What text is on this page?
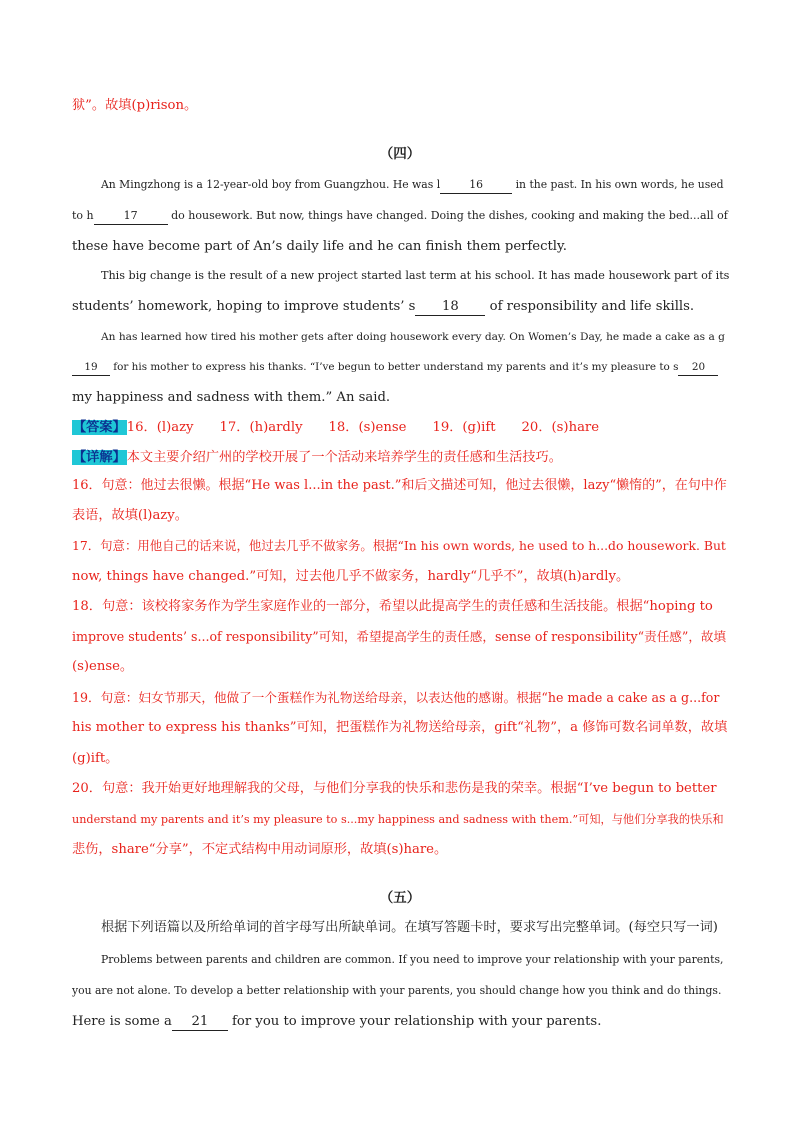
狱”。故填(p)rison。
（四）
An Mingzhong is a 12-year-old boy from Guangzhou. He was l	16	in the past. In his own words, he used
to h	17	do housework. But now, things have changed. Doing the dishes, cooking and making the bed...all of
these have become part of An’s daily life and he can finish them perfectly.
This big change is the result of a new project started last term at his school. It has made housework part of its
students’ homework, hoping to improve students’ s 18 of responsibility and life skills.
An has learned how tired his mother gets after doing housework every day. On Women’s Day, he made a cake as a g
19 for his mother to express his thanks. “I’ve begun to better understand my parents and it’s my pleasure to s 20
my happiness and sadness with them.” An said.
【答案】16．(l)azy 17．(h)ardly 18．(s)ense 19．(g)ift 20．(s)hare
【详解】本文主要介绍广州的学校开展了一个活动来培养学生的责任感和生活技巧。
16．句意：他过去很懒。根据“He was l...in the past.”和后文描述可知，他过去很懒，lazy“懒惰的”，在句中作
表语，故填(l)azy。
17．句意：用他自己的话来说，他过去几乎不做家务。根据“In his own words, he used to h...do housework. But
now, things have changed.”可知，过去他几乎不做家务，hardly“几乎不”，故填(h)ardly。
18．句意：该校将家务作为学生家庭作业的一部分，希望以此提高学生的责任感和生活技能。根据“hoping to
improve students’ s...of responsibility”可知，希望提高学生的责任感，sense of responsibility“责任感”，故填
(s)ense。
19．句意：妇女节那天，他做了一个蛋糕作为礼物送给母亲，以表达他的感谢。根据“he made a cake as a g...for
his mother to express his thanks”可知，把蛋糕作为礼物送给母亲，gift“礼物”，a 修饰可数名词单数，故填
(g)ift。
20．句意：我开始更好地理解我的父母，与他们分享我的快乐和悲伤是我的荣幸。根据“I’ve begun to better
understand my parents and it’s my pleasure to s...my happiness and sadness with them.”可知，与他们分享我的快乐和
悲伤，share“分享”，不定式结构中用动词原形，故填(s)hare。
（五）
根据下列语篇以及所给单词的首字母写出所缺单词。在填写答题卡时，要求写出完整单词。(每空只写一词)
Problems between parents and children are common. If you need to improve your relationship with your parents,
you are not alone. To develop a better relationship with your parents, you should change how you think and do things.
Here is some a 21 for you to improve your relationship with your parents.
